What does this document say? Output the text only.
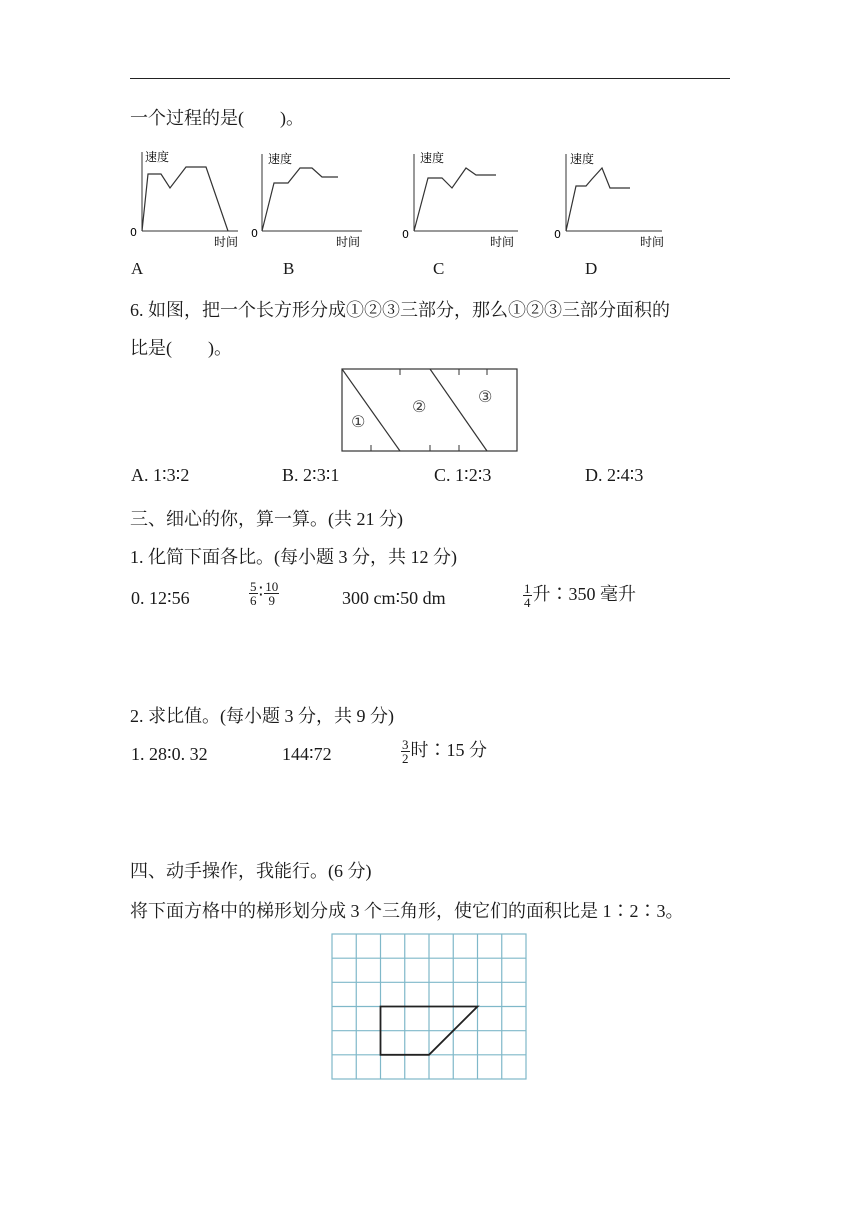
一个过程的是(　　)。
速度
时间
0
速度
时间
0
速度
时间
0
速度
时间
0
A	B	C	D
6. 如图，把一个长方形分成①②③三部分，那么①②③三部分面积的
比是(　　)。
①
②
③
A. 1∶3∶2	B. 2∶3∶1	C. 1∶2∶3	D. 2∶4∶3
三、细心的你，算一算。(共 21 分)
1. 化简下面各比。(每小题 3 分，共 12 分)
0. 12∶56	$\frac{5}{6}$ ∶ $\frac{10}{9}$	300 cm∶50 dm	$\frac{1}{4}$ 升∶350 毫升
2. 求比值。(每小题 3 分，共 9 分)
1. 28∶0. 32	144∶72	$\frac{3}{2}$ 时∶15 分
四、动手操作，我能行。(6 分)
将下面方格中的梯形划分成 3 个三角形，使它们的面积比是 1∶2∶3。
